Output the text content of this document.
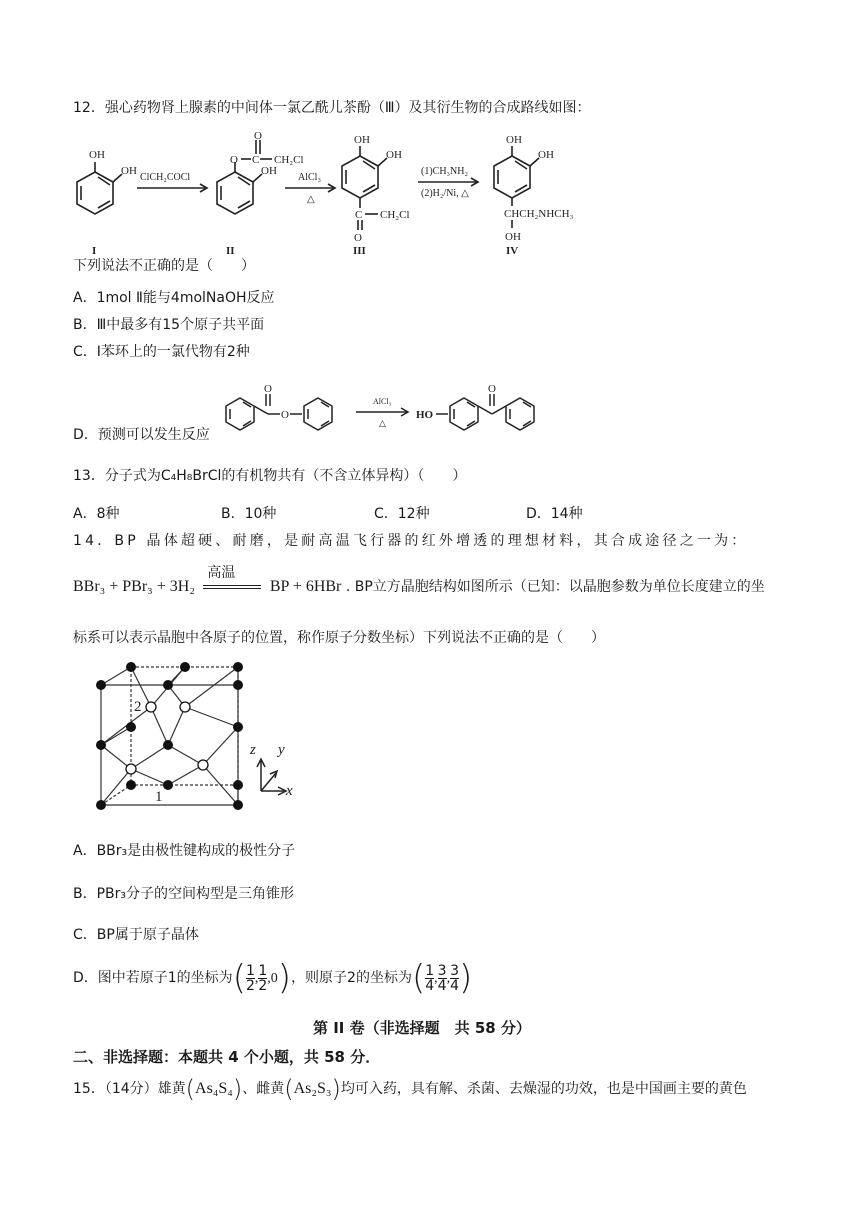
12．强心药物肾上腺素的中间体一氯乙酰儿茶酚（Ⅲ）及其衍生物的合成路线如图：
OH
OH
ClCH₂COCl
O C
O
CH₂Cl
OH
AlCl₃
△
OH
OH
C CH₂Cl
O
(1)CH₃NH₂
(2)H₂/Ni, △
OH
OH
CHCH₂NHCH₃
OH
I	II	III	IV
下列说法不正确的是（　　）
A．1mol Ⅱ能与4molNaOH反应
B．Ⅲ中最多有15个原子共平面
C．I苯环上的一氯代物有2种
D．预测可以发生反应
O
O
AlCl₃
△
HO
O
13．分子式为C₄H₈BrCl的有机物共有（不含立体异构）（　　）
A．8种	B．10种	C．12种	D．14种
14．BP 晶体超硬、耐磨，是耐高温飞行器的红外增透的理想材料，其合成途径之一为：
BBr₃ + PBr₃ + 3H₂
高温
BP + 6HBr . BP立方晶胞结构如图所示（已知：以晶胞参数为单位长度建立的坐
标系可以表示晶胞中各原子的位置，称作原子分数坐标）下列说法不正确的是（　　）
2
1
z y
x
A．BBr₃是由极性键构成的极性分子
B．PBr₃分子的空间构型是三角锥形
C．BP属于原子晶体
D．图中若原子1的坐标为( $\frac{1}{2}$ , $\frac{1}{2} ,0$)，则原子2的坐标为( $\frac{1}{4}$ , $\frac{3}{4}$ , $\frac{3}{4}$ )
第 II 卷（非选择题　共 58 分）
二、非选择题：本题共 4 个小题，共 58 分．
15．（14分）雄黄(As₄S₄)、雌黄(As₂S₃)均可入药，具有解、杀菌、去燥湿的功效，也是中国画主要的黄色
